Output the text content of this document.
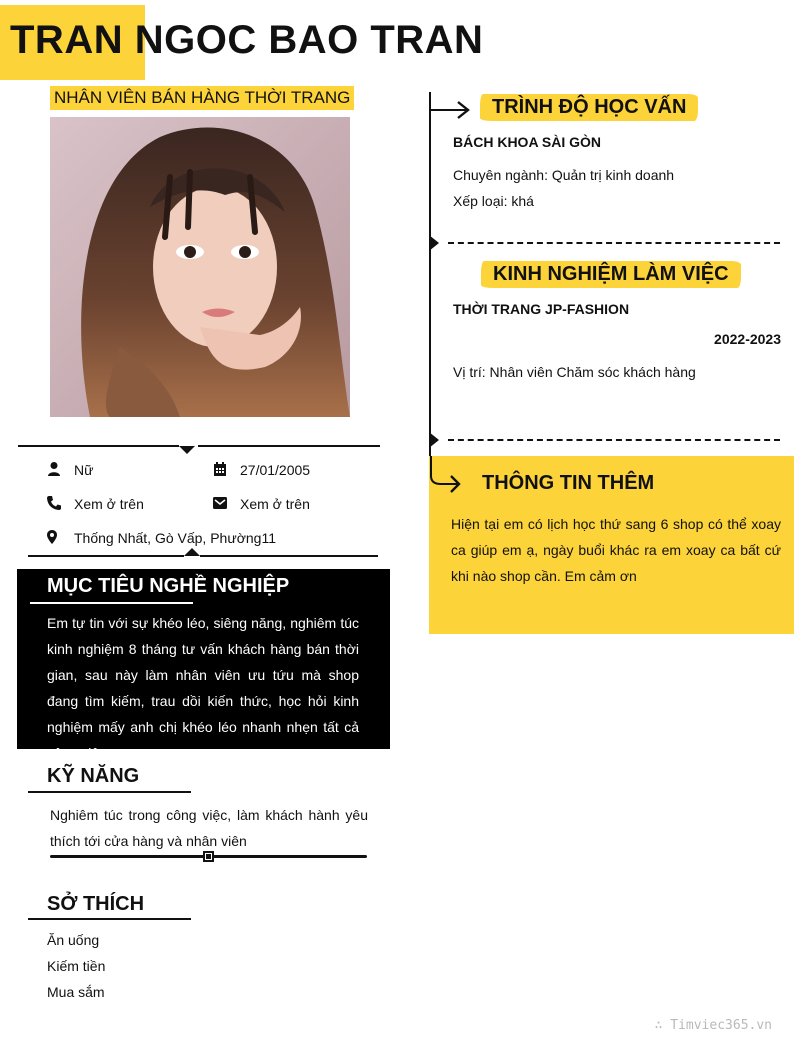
TRAN NGOC BAO TRAN
NHÂN VIÊN BÁN HÀNG THỜI TRANG
Nữ	27/01/2005
Xem ở trên	Xem ở trên
Thống Nhất, Gò Vấp, Phường11
MỤC TIÊU NGHỀ NGHIỆP
Em tự tin với sự khéo léo, siêng năng, nghiêm túc kinh nghiệm 8 tháng tư vấn khách hàng bán thời gian, sau này làm nhân viên ưu tứu mà shop đang tìm kiếm, trau dồi kiến thức, học hỏi kinh nghiệm mấy anh chị khéo léo nhanh nhẹn tất cả công việc
KỸ NĂNG
Nghiêm túc trong công việc, làm khách hành yêu thích tới cửa hàng và nhân viên
SỞ THÍCH
Ăn uống
Kiếm tiền
Mua sắm
TRÌNH ĐỘ HỌC VẤN
BÁCH KHOA SÀI GÒN
Chuyên ngành: Quản trị kinh doanh
Xếp loại: khá
KINH NGHIỆM LÀM VIỆC
THỜI TRANG JP-FASHION
2022-2023
Vị trí: Nhân viên Chăm sóc khách hàng
THÔNG TIN THÊM
Hiện tại em có lịch học thứ sang 6 shop có thể xoay ca giúp em ạ, ngày buổi khác ra em xoay ca bất cứ khi nào shop cần. Em cảm ơn
∴ Timviec365.vn
